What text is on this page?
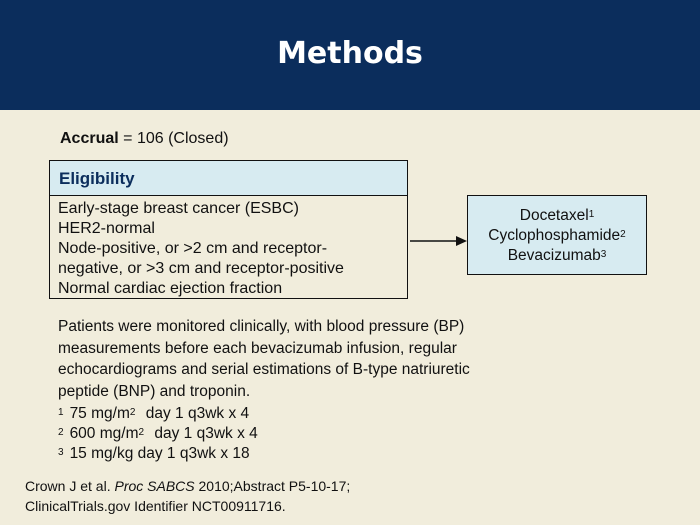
Methods
Accrual = 106 (Closed)
Eligibility
Early-stage breast cancer (ESBC)
HER2-normal
Node-positive, or >2 cm and receptor-
negative, or >3 cm and receptor-positive
Normal cardiac ejection fraction
Docetaxel$^1$
Cyclophosphamide$^2$
Bevacizumab$^3$
Patients were monitored clinically, with blood pressure (BP)
measurements before each bevacizumab infusion, regular
echocardiograms and serial estimations of B-type natriuretic
peptide (BNP) and troponin.
$^1$ 75 $mg/m^2$ day 1 q3wk x 4
$^2$ 600 $mg/m^2$ day 1 q3wk x 4
$^3$ 15 mg/kg day 1 q3wk x 18
Crown J et al. Proc SABCS 2010;Abstract P5-10-17;
ClinicalTrials.gov Identifier NCT00911716.
